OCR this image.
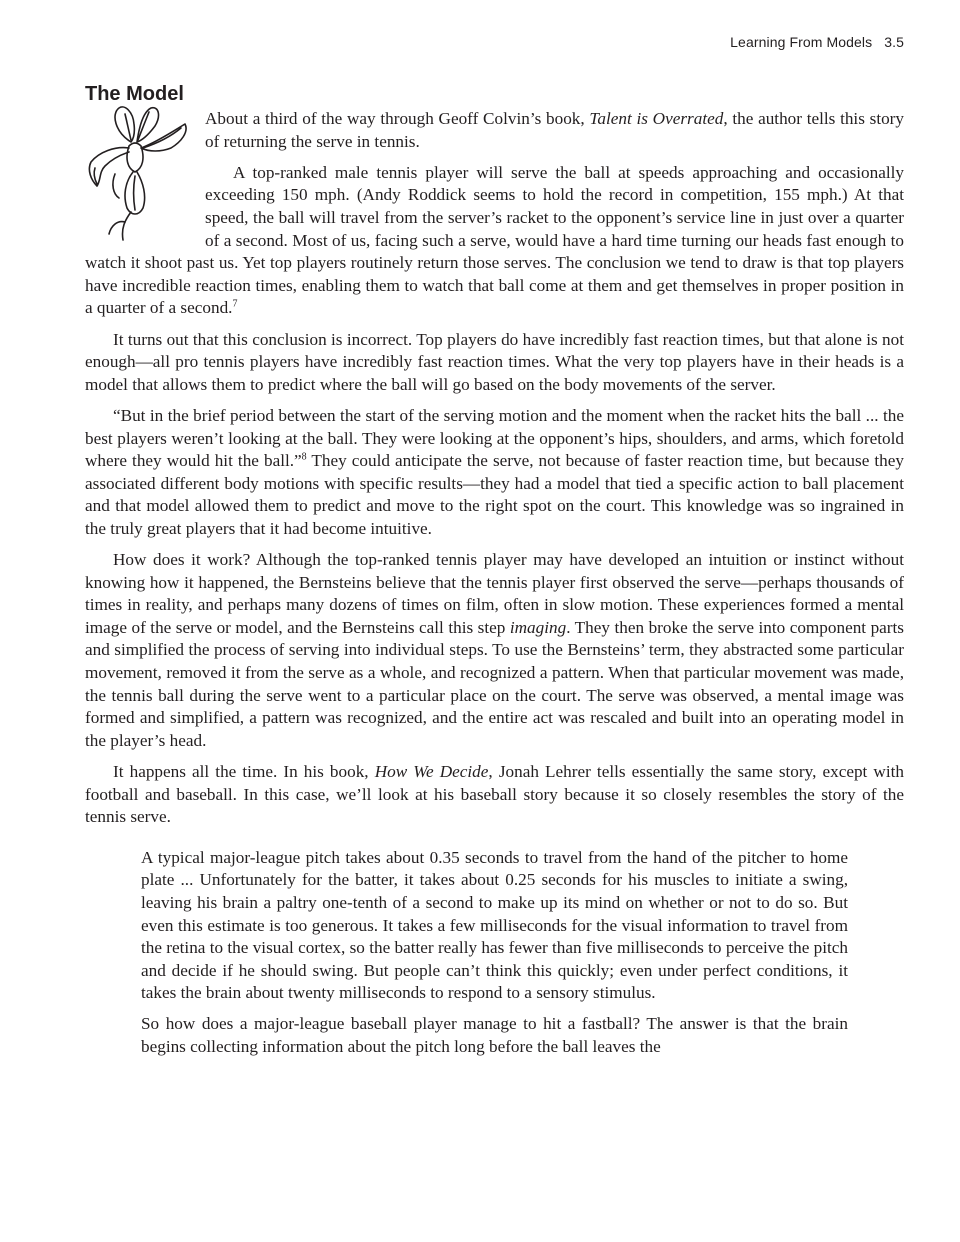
Learning From Models 3.5
The Model

About a third of the way through Geoff Colvin’s book, Talent is Overrated, the author tells this story of returning the serve in tennis.

A top-ranked male tennis player will serve the ball at speeds approaching and occasionally exceeding 150 mph. (Andy Roddick seems to hold the record in competition, 155 mph.) At that speed, the ball will travel from the server’s racket to the opponent’s service line in just over a quarter of a second. Most of us, facing such a serve, would have a hard time turning our heads fast enough to watch it shoot past us. Yet top players routinely return those serves. The conclusion we tend to draw is that top players have incredible reaction times, enabling them to watch that ball come at them and get themselves in proper position in a quarter of a second.$^7$

It turns out that this conclusion is incorrect. Top players do have incredibly fast reaction times, but that alone is not enough—all pro tennis players have incredibly fast reaction times. What the very top players have in their heads is a model that allows them to predict where the ball will go based on the body movements of the server.

“But in the brief period between the start of the serving motion and the moment when the racket hits the ball ... the best players weren’t looking at the ball. They were looking at the opponent’s hips, shoulders, and arms, which foretold where they would hit the ball.”$^8$ They could anticipate the serve, not because of faster reaction time, but because they associated different body motions with specific results—they had a model that tied a specific action to ball placement and that model allowed them to predict and move to the right spot on the court. This knowledge was so ingrained in the truly great players that it had become intuitive.

How does it work? Although the top-ranked tennis player may have developed an intuition or instinct without knowing how it happened, the Bernsteins believe that the tennis player first observed the serve—perhaps thousands of times in reality, and perhaps many dozens of times on film, often in slow motion. These experiences formed a mental image of the serve or model, and the Bernsteins call this step imaging. They then broke the serve into component parts and simplified the process of serving into individual steps. To use the Bernsteins’ term, they abstracted some particular movement, removed it from the serve as a whole, and recognized a pattern. When that particular movement was made, the tennis ball during the serve went to a particular place on the court. The serve was observed, a mental image was formed and simplified, a pattern was recognized, and the entire act was rescaled and built into an operating model in the player’s head.

It happens all the time. In his book, How We Decide, Jonah Lehrer tells essentially the same story, except with football and baseball. In this case, we’ll look at his baseball story because it so closely resembles the story of the tennis serve.

A typical major-league pitch takes about 0.35 seconds to travel from the hand of the pitcher to home plate ... Unfortunately for the batter, it takes about 0.25 seconds for his muscles to initiate a swing, leaving his brain a paltry one-tenth of a second to make up its mind on whether or not to do so. But even this estimate is too generous. It takes a few milliseconds for the visual information to travel from the retina to the visual cortex, so the batter really has fewer than five milliseconds to perceive the pitch and decide if he should swing. But people can’t think this quickly; even under perfect conditions, it takes the brain about twenty milliseconds to respond to a sensory stimulus.

So how does a major-league baseball player manage to hit a fastball? The answer is that the brain begins collecting information about the pitch long before the ball leaves the
